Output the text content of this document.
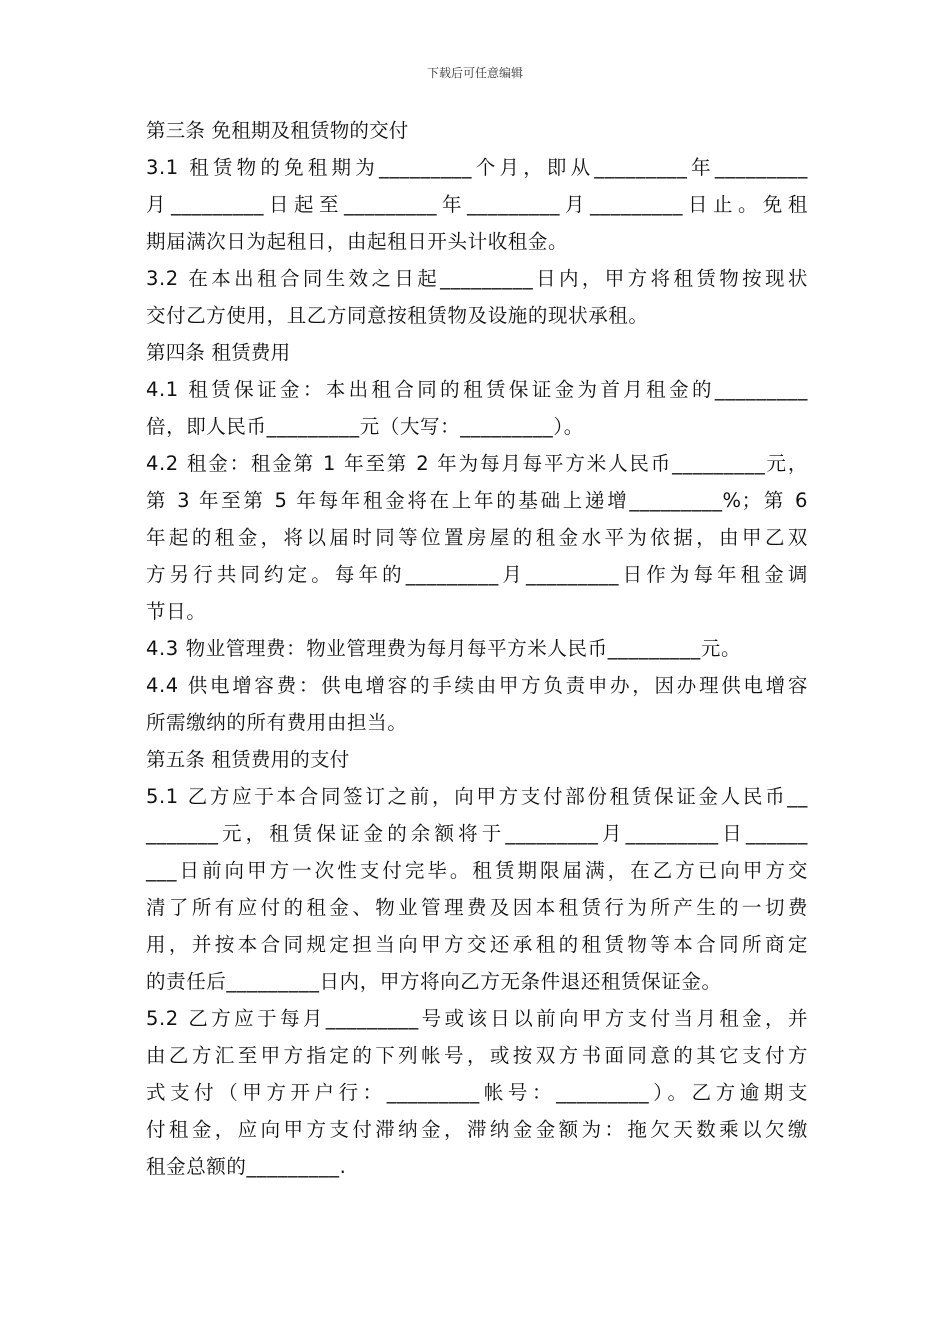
下载后可任意编辑
第三条 免租期及租赁物的交付
3.1 租赁物的免租期为_________个月，即从_________年_________
月_________日起至_________年_________月_________日止。免租
期届满次日为起租日，由起租日开头计收租金。
3.2 在本出租合同生效之日起_________日内，甲方将租赁物按现状
交付乙方使用，且乙方同意按租赁物及设施的现状承租。
第四条 租赁费用
4.1 租赁保证金：本出租合同的租赁保证金为首月租金的_________
倍，即人民币_________元（大写：_________）。
4.2 租金：租金第 1 年至第 2 年为每月每平方米人民币_________元，
第 3 年至第 5 年每年租金将在上年的基础上递增_________%；第 6
年起的租金，将以届时同等位置房屋的租金水平为依据，由甲乙双
方另行共同约定。每年的_________月_________日作为每年租金调
节日。
4.3 物业管理费：物业管理费为每月每平方米人民币_________元。
4.4 供电增容费：供电增容的手续由甲方负责申办，因办理供电增容
所需缴纳的所有费用由担当。
第五条 租赁费用的支付
5.1 乙方应于本合同签订之前，向甲方支付部份租赁保证金人民币__
_______元，租赁保证金的余额将于_________月_________日______
___日前向甲方一次性支付完毕。租赁期限届满，在乙方已向甲方交
清了所有应付的租金、物业管理费及因本租赁行为所产生的一切费
用，并按本合同规定担当向甲方交还承租的租赁物等本合同所商定
的责任后_________日内，甲方将向乙方无条件退还租赁保证金。
5.2 乙方应于每月_________号或该日以前向甲方支付当月租金，并
由乙方汇至甲方指定的下列帐号，或按双方书面同意的其它支付方
式支付（甲方开户行：_________帐号：_________）。乙方逾期支
付租金，应向甲方支付滞纳金，滞纳金金额为：拖欠天数乘以欠缴
租金总额的_________.
